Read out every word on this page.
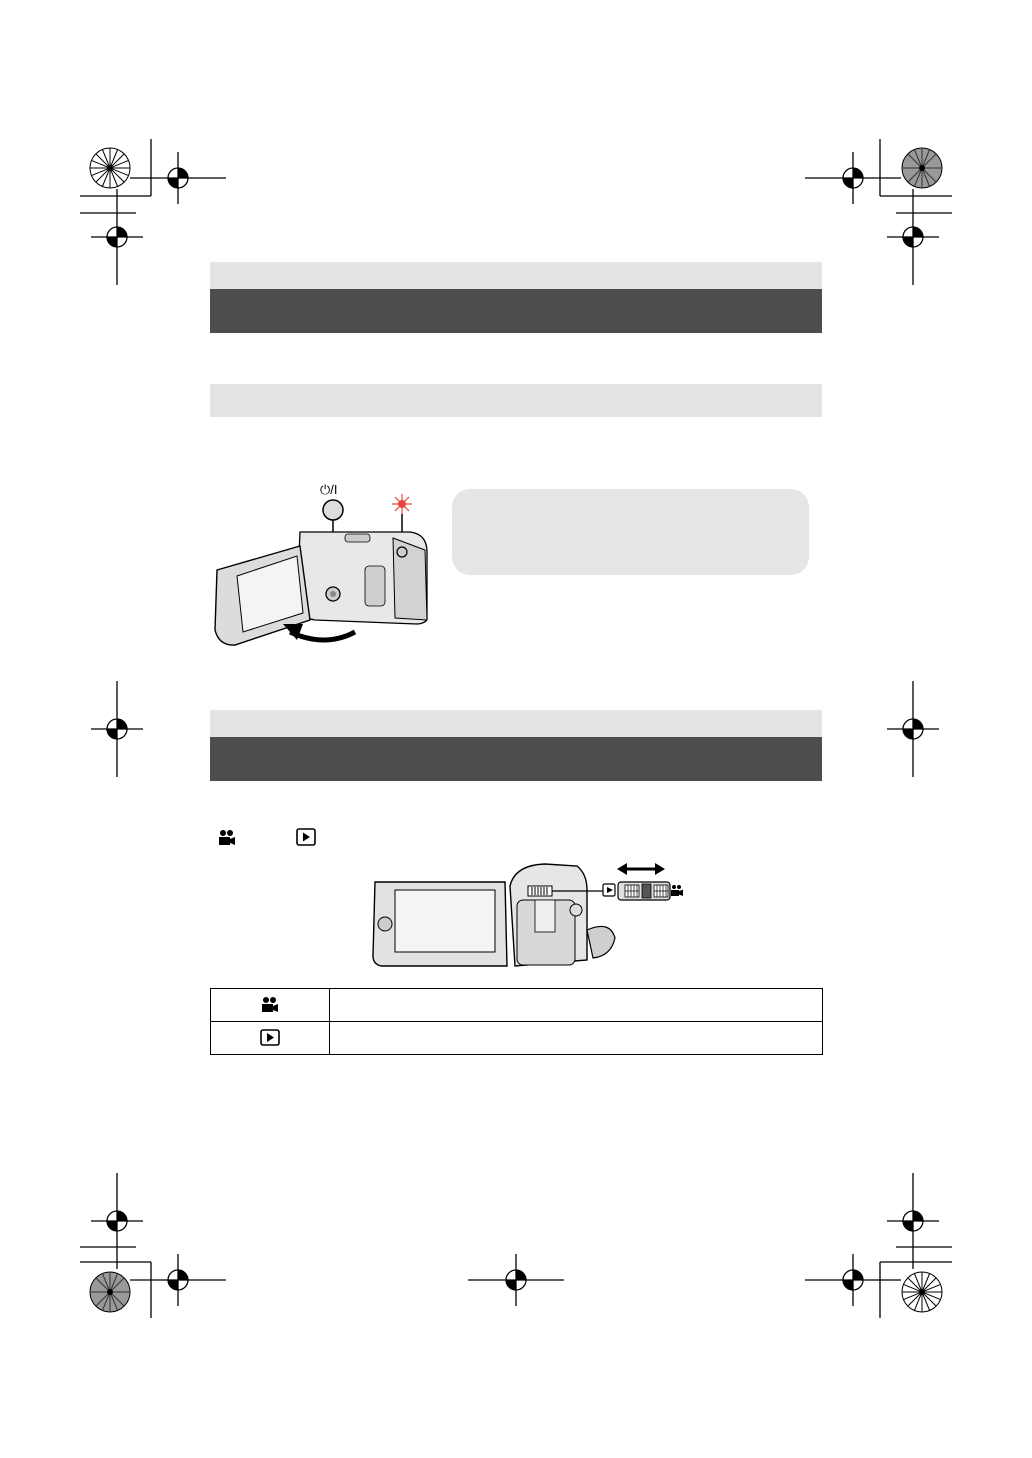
⏻/I
